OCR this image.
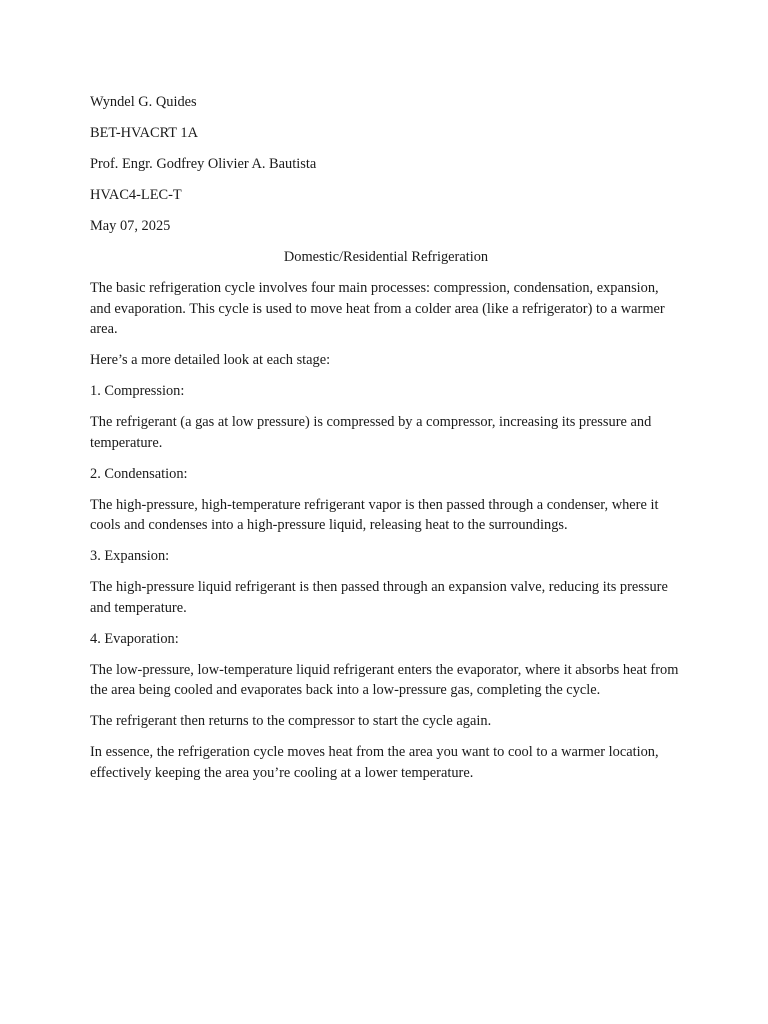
Wyndel G. Quides

BET-HVACRT 1A

Prof. Engr. Godfrey Olivier A. Bautista

HVAC4-LEC-T

May 07, 2025

Domestic/Residential Refrigeration

The basic refrigeration cycle involves four main processes: compression, condensation, expansion, and evaporation. This cycle is used to move heat from a colder area (like a refrigerator) to a warmer area.

Here’s a more detailed look at each stage:

1. Compression:

The refrigerant (a gas at low pressure) is compressed by a compressor, increasing its pressure and temperature.

2. Condensation:

The high-pressure, high-temperature refrigerant vapor is then passed through a condenser, where it cools and condenses into a high-pressure liquid, releasing heat to the surroundings.

3. Expansion:

The high-pressure liquid refrigerant is then passed through an expansion valve, reducing its pressure and temperature.

4. Evaporation:

The low-pressure, low-temperature liquid refrigerant enters the evaporator, where it absorbs heat from the area being cooled and evaporates back into a low-pressure gas, completing the cycle.

The refrigerant then returns to the compressor to start the cycle again.

In essence, the refrigeration cycle moves heat from the area you want to cool to a warmer location, effectively keeping the area you’re cooling at a lower temperature.
